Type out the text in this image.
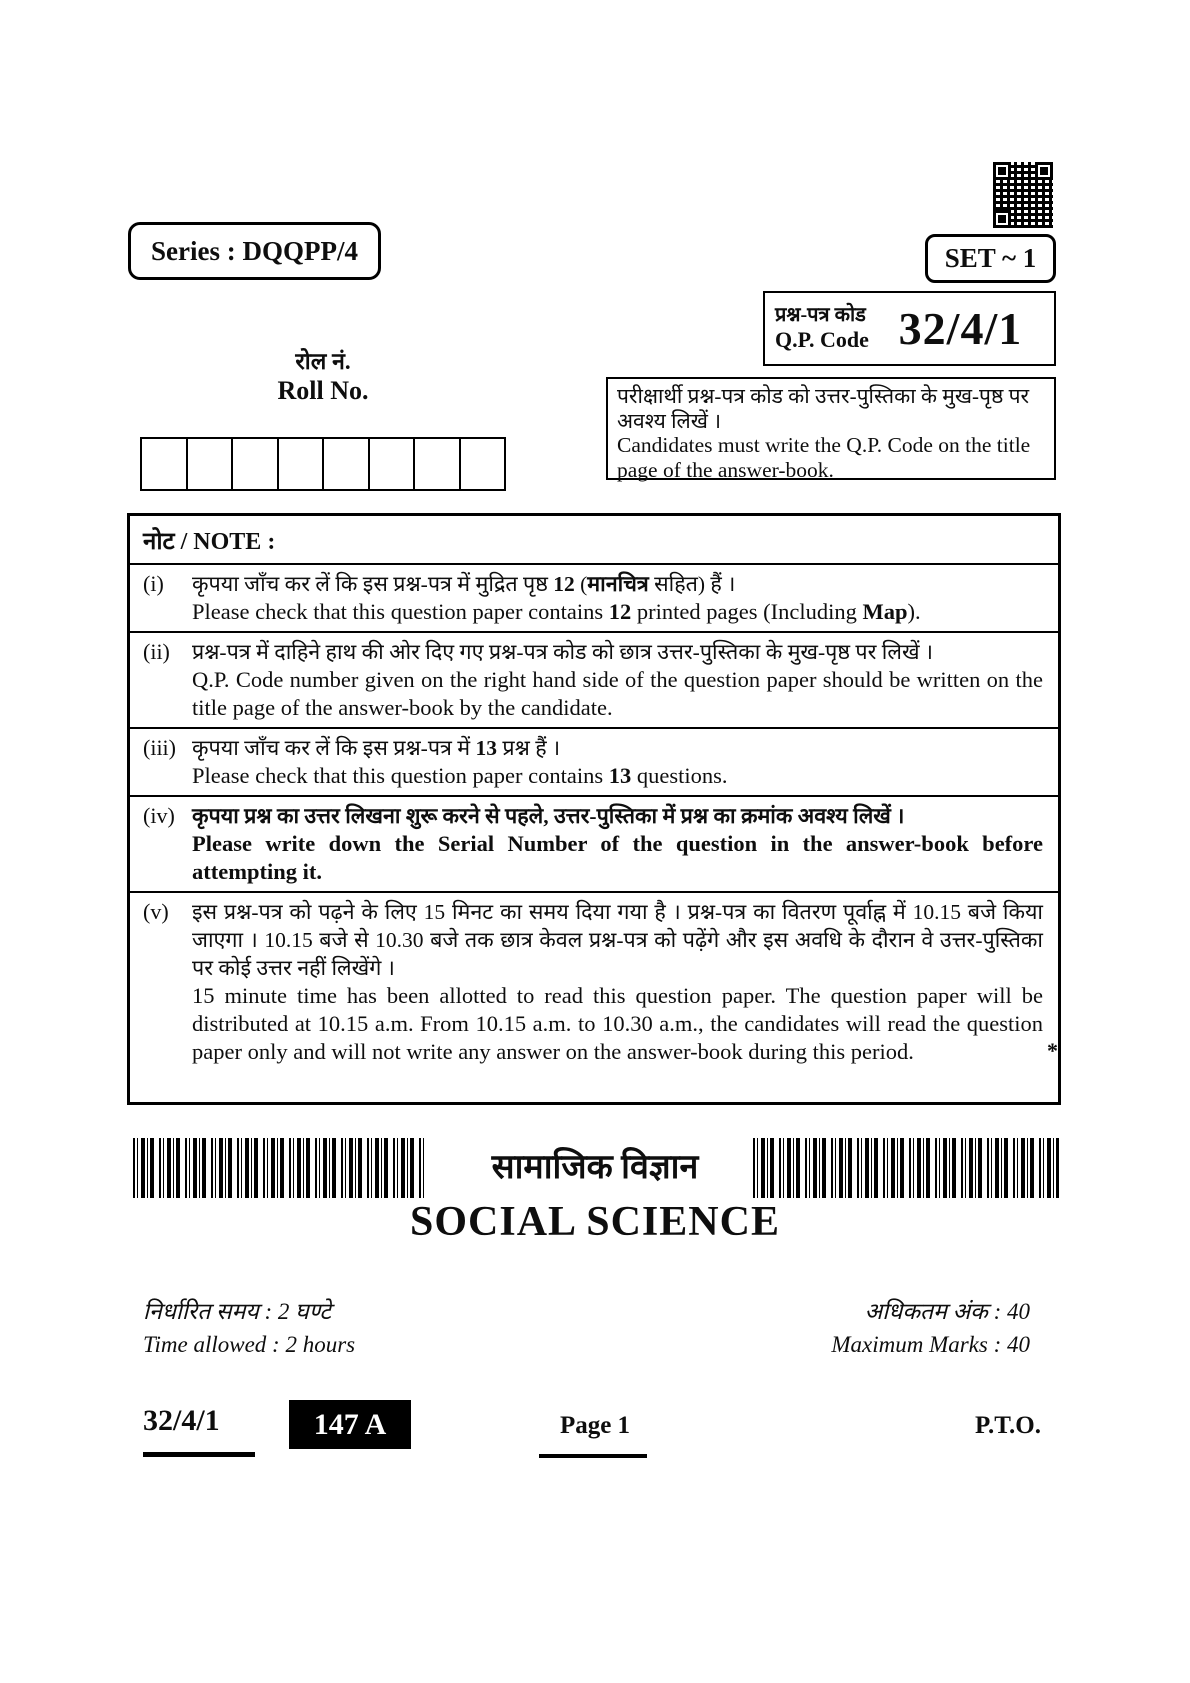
Series : DQQPP/4	SET ~ 1
प्रश्न-पत्र कोड
Q.P. Code 32/4/1
रोल नं.
Roll No.	परीक्षार्थी प्रश्न-पत्र कोड को उत्तर-पुस्तिका के मुख-पृष्ठ पर अवश्य लिखें ।
Candidates must write the Q.P. Code on the title page of the answer-book.
नोट / NOTE :
(i)	कृपया जाँच कर लें कि इस प्रश्न-पत्र में मुद्रित पृष्ठ 12 (मानचित्र सहित) हैं ।
Please check that this question paper contains 12 printed pages (Including Map).
(ii)	प्रश्न-पत्र में दाहिने हाथ की ओर दिए गए प्रश्न-पत्र कोड को छात्र उत्तर-पुस्तिका के मुख-पृष्ठ पर लिखें ।
Q.P. Code number given on the right hand side of the question paper should be written on the title page of the answer-book by the candidate.
(iii) कृपया जाँच कर लें कि इस प्रश्न-पत्र में 13 प्रश्न हैं ।
Please check that this question paper contains 13 questions.
(iv) कृपया प्रश्न का उत्तर लिखना शुरू करने से पहले, उत्तर-पुस्तिका में प्रश्न का क्रमांक अवश्य लिखें ।
Please write down the Serial Number of the question in the answer-book before attempting it.
(v)	इस प्रश्न-पत्र को पढ़ने के लिए 15 मिनट का समय दिया गया है । प्रश्न-पत्र का वितरण पूर्वाह्न में 10.15 बजे किया जाएगा । 10.15 बजे से 10.30 बजे तक छात्र केवल प्रश्न-पत्र को पढ़ेंगे और इस अवधि के दौरान वे उत्तर-पुस्तिका पर कोई उत्तर नहीं लिखेंगे ।
15 minute time has been allotted to read this question paper. The question paper will be distributed at 10.15 a.m. From 10.15 a.m. to 10.30 a.m., the candidates will read the question paper only and will not write any answer on the answer-book during this period.	*
सामाजिक विज्ञान
SOCIAL SCIENCE
निर्धारित समय : 2 घण्टे
Time allowed : 2 hours
अधिकतम अंक : 40
Maximum Marks : 40
32/4/1	147 A	Page 1	P.T.O.
